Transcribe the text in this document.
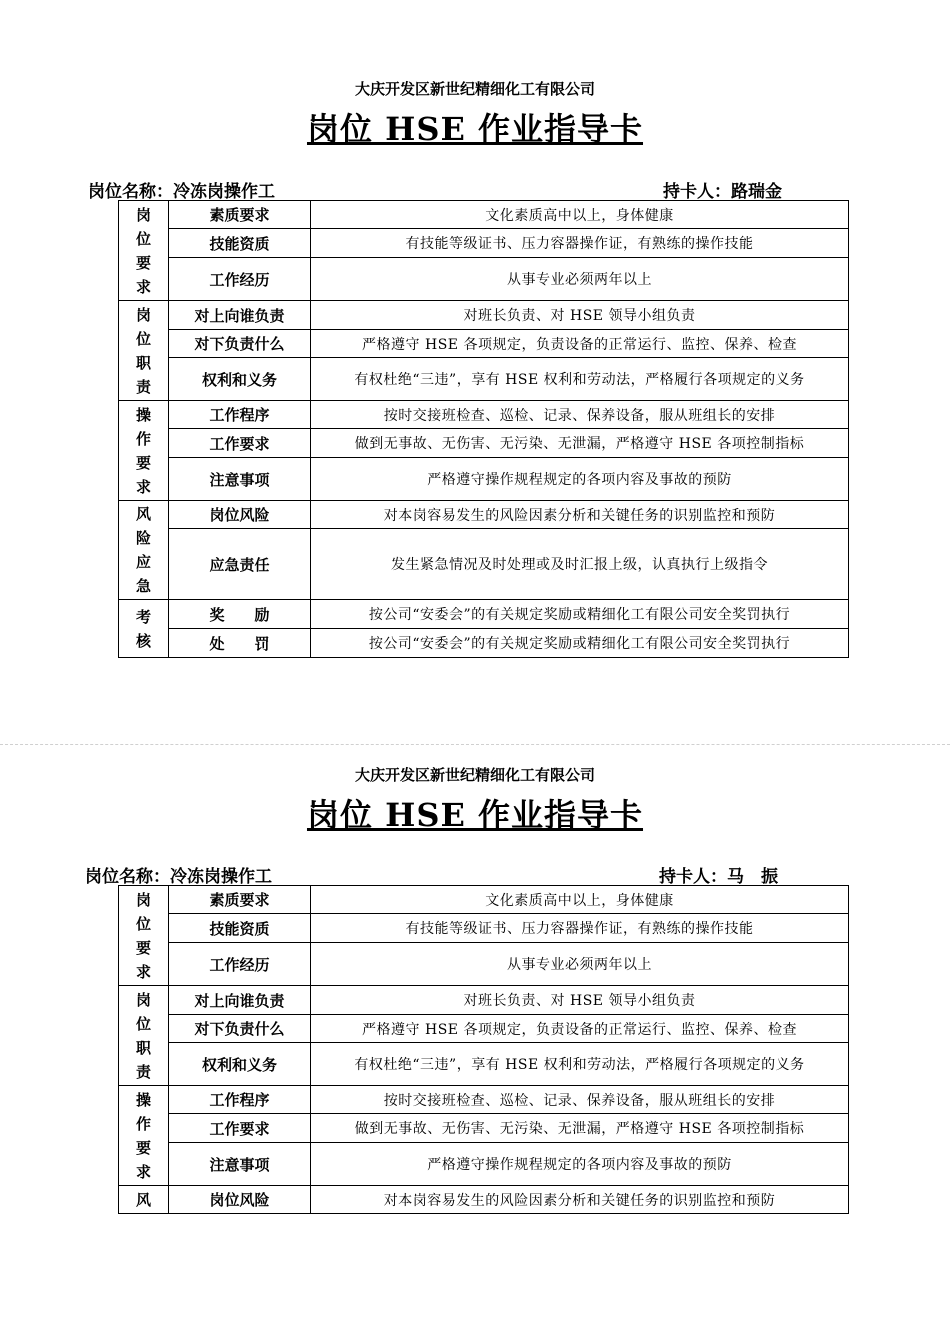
大庆开发区新世纪精细化工有限公司
岗位 HSE 作业指导卡
岗位名称：冷冻岗操作工	持卡人：路瑞金
岗
位
要
求	素质要求	文化素质高中以上，身体健康
	技能资质	有技能等级证书、压力容器操作证，有熟练的操作技能
	工作经历	从事专业必须两年以上

岗
位
职
责	对上向谁负责	对班长负责、对 HSE 领导小组负责
	对下负责什么	严格遵守 HSE 各项规定，负责设备的正常运行、监控、保养、检查
	权利和义务	有权杜绝“三违”，享有 HSE 权利和劳动法，严格履行各项规定的义务

操
作
要
求	工作程序	按时交接班检查、巡检、记录、保养设备，服从班组长的安排
	工作要求	做到无事故、无伤害、无污染、无泄漏，严格遵守 HSE 各项控制指标
	注意事项	严格遵守操作规程规定的各项内容及事故的预防

风
险
应
急	岗位风险	对本岗容易发生的风险因素分析和关键任务的识别监控和预防
	应急责任	发生紧急情况及时处理或及时汇报上级，认真执行上级指令

考
核	奖　　励	按公司“安委会”的有关规定奖励或精细化工有限公司安全奖罚执行
	处　　罚	按公司“安委会”的有关规定奖励或精细化工有限公司安全奖罚执行
大庆开发区新世纪精细化工有限公司
岗位 HSE 作业指导卡
岗位名称：冷冻岗操作工	持卡人：马　振
岗
位
要
求	素质要求	文化素质高中以上，身体健康
	技能资质	有技能等级证书、压力容器操作证，有熟练的操作技能
	工作经历	从事专业必须两年以上

岗
位
职
责	对上向谁负责	对班长负责、对 HSE 领导小组负责
	对下负责什么	严格遵守 HSE 各项规定，负责设备的正常运行、监控、保养、检查
	权利和义务	有权杜绝“三违”，享有 HSE 权利和劳动法，严格履行各项规定的义务

操
作
要
求	工作程序	按时交接班检查、巡检、记录、保养设备，服从班组长的安排
	工作要求	做到无事故、无伤害、无污染、无泄漏，严格遵守 HSE 各项控制指标
	注意事项	严格遵守操作规程规定的各项内容及事故的预防

风	岗位风险	对本岗容易发生的风险因素分析和关键任务的识别监控和预防
